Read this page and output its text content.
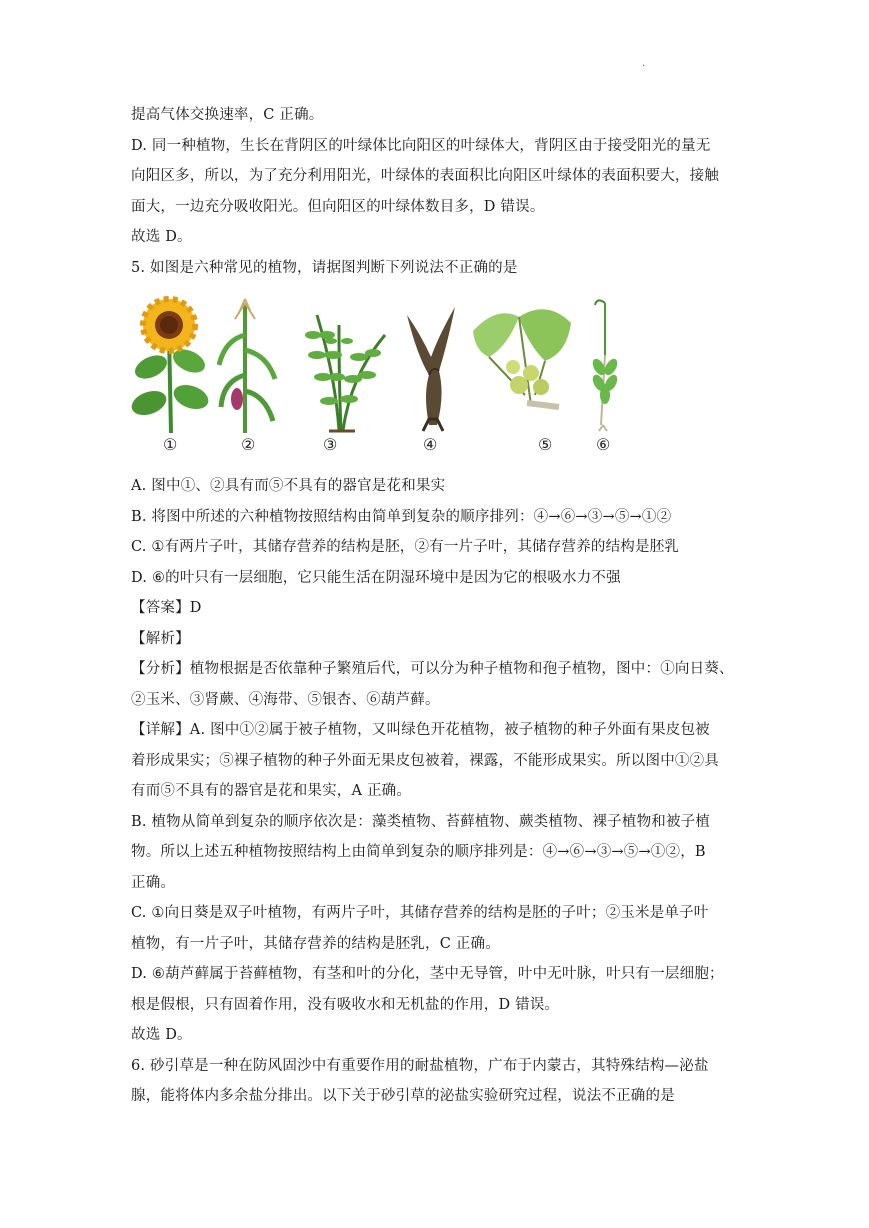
.
提高气体交换速率，C 正确。
D. 同一种植物，生长在背阴区的叶绿体比向阳区的叶绿体大，背阴区由于接受阳光的量无
向阳区多，所以，为了充分利用阳光，叶绿体的表面积比向阳区叶绿体的表面积要大，接触
面大，一边充分吸收阳光。但向阳区的叶绿体数目多，D 错误。
故选 D。
5. 如图是六种常见的植物，请据图判断下列说法不正确的是
①	②	③	④	⑤	⑥
A. 图中①、②具有而⑤不具有的器官是花和果实
B. 将图中所述的六种植物按照结构由简单到复杂的顺序排列：④→⑥→③→⑤→①②
C. ①有两片子叶，其储存营养的结构是胚，②有一片子叶，其储存营养的结构是胚乳
D. ⑥的叶只有一层细胞，它只能生活在阴湿环境中是因为它的根吸水力不强
【答案】D
【解析】
【分析】植物根据是否依靠种子繁殖后代，可以分为种子植物和孢子植物，图中：①向日葵、
②玉米、③肾蕨、④海带、⑤银杏、⑥葫芦藓。
【详解】A. 图中①②属于被子植物，又叫绿色开花植物，被子植物的种子外面有果皮包被
着形成果实；⑤裸子植物的种子外面无果皮包被着，裸露，不能形成果实。所以图中①②具
有而⑤不具有的器官是花和果实，A 正确。
B. 植物从简单到复杂的顺序依次是：藻类植物、苔藓植物、蕨类植物、裸子植物和被子植
物。所以上述五种植物按照结构上由简单到复杂的顺序排列是：④→⑥→③→⑤→①②，B
正确。
C. ①向日葵是双子叶植物，有两片子叶，其储存营养的结构是胚的子叶；②玉米是单子叶
植物，有一片子叶，其储存营养的结构是胚乳，C 正确。
D. ⑥葫芦藓属于苔藓植物，有茎和叶的分化，茎中无导管，叶中无叶脉，叶只有一层细胞；
根是假根，只有固着作用，没有吸收水和无机盐的作用，D 错误。
故选 D。
6. 砂引草是一种在防风固沙中有重要作用的耐盐植物，广布于内蒙古，其特殊结构—泌盐
腺，能将体内多余盐分排出。以下关于砂引草的泌盐实验研究过程，说法不正确的是
